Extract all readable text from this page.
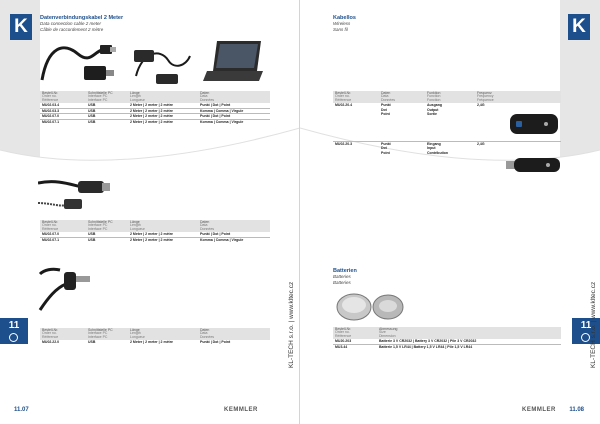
K
11	KL-TECH s.r.o. | www.kltec.cz
11.07	KEMMLER
Datenverbindungskabel 2 Meter
Data connection cable 2 meter
Câble de raccordement 2 mètre
Bestell-Nr.
Order no.
Référence	Schnittstelle PC
Interface PC
Interface PC	Länge
Length
Longueur	Daten
Data
Données

MU02.03.4	USB	2 Meter | 2 meter | 2 mètre	Punkt | Dot | Point
MU02.03.3	USB	2 Meter | 2 meter | 2 mètre	Komma | Comma | Virgule
MU02.07.0	USB	2 Meter | 2 meter | 2 mètre	Punkt | Dot | Point
MU02.07.1	USB	2 Meter | 2 meter | 2 mètre	Komma | Comma | Virgule
Bestell-Nr.
Order no.
Référence	Schnittstelle PC
Interface PC
Interface PC	Länge
Length
Longueur	Daten
Data
Données

MU02.07.0	USB	2 Meter | 2 meter | 2 mètre	Punkt | Dot | Point
MU02.07.1	USB	2 Meter | 2 meter | 2 mètre	Komma | Comma | Virgule
Bestell-Nr.
Order no.
Référence	Schnittstelle PC
Interface PC
Interface PC	Länge
Length
Longueur	Daten
Data
Données

MU02.22.0	USB	2 Meter | 2 meter | 2 mètre	Punkt | Dot | Point
K
11
KL-TECH s.r.o. | www.kltec.cz
11.08
KEMMLER
Kabellos
Wireless
Sans fil
Bestell-Nr.
Order no.
Référence	Daten
Data
Données	Funktion
Function
Fonction	Frequenz
Frequency
Fréquence

MU02.20.4	Punkt
Dot
Point	Ausgang
Output
Sortie	2,4G
MU02.20.3	Punkt
Dot
Point	Eingang
Input
Contribution	2,4G
Batterien
Batteries
Batteries
Bestell-Nr.
Order no.
Référence	Abmessung
Size
Dimension

MU20.203	Batterie 3 V CR2032 | Battery 3 V CR2032 | Pile 3 V CR2032
MU3.44	Batterie 1,5 V LR44 | Battery 1,5 V LR44 | Pile 1,5 V LR44
